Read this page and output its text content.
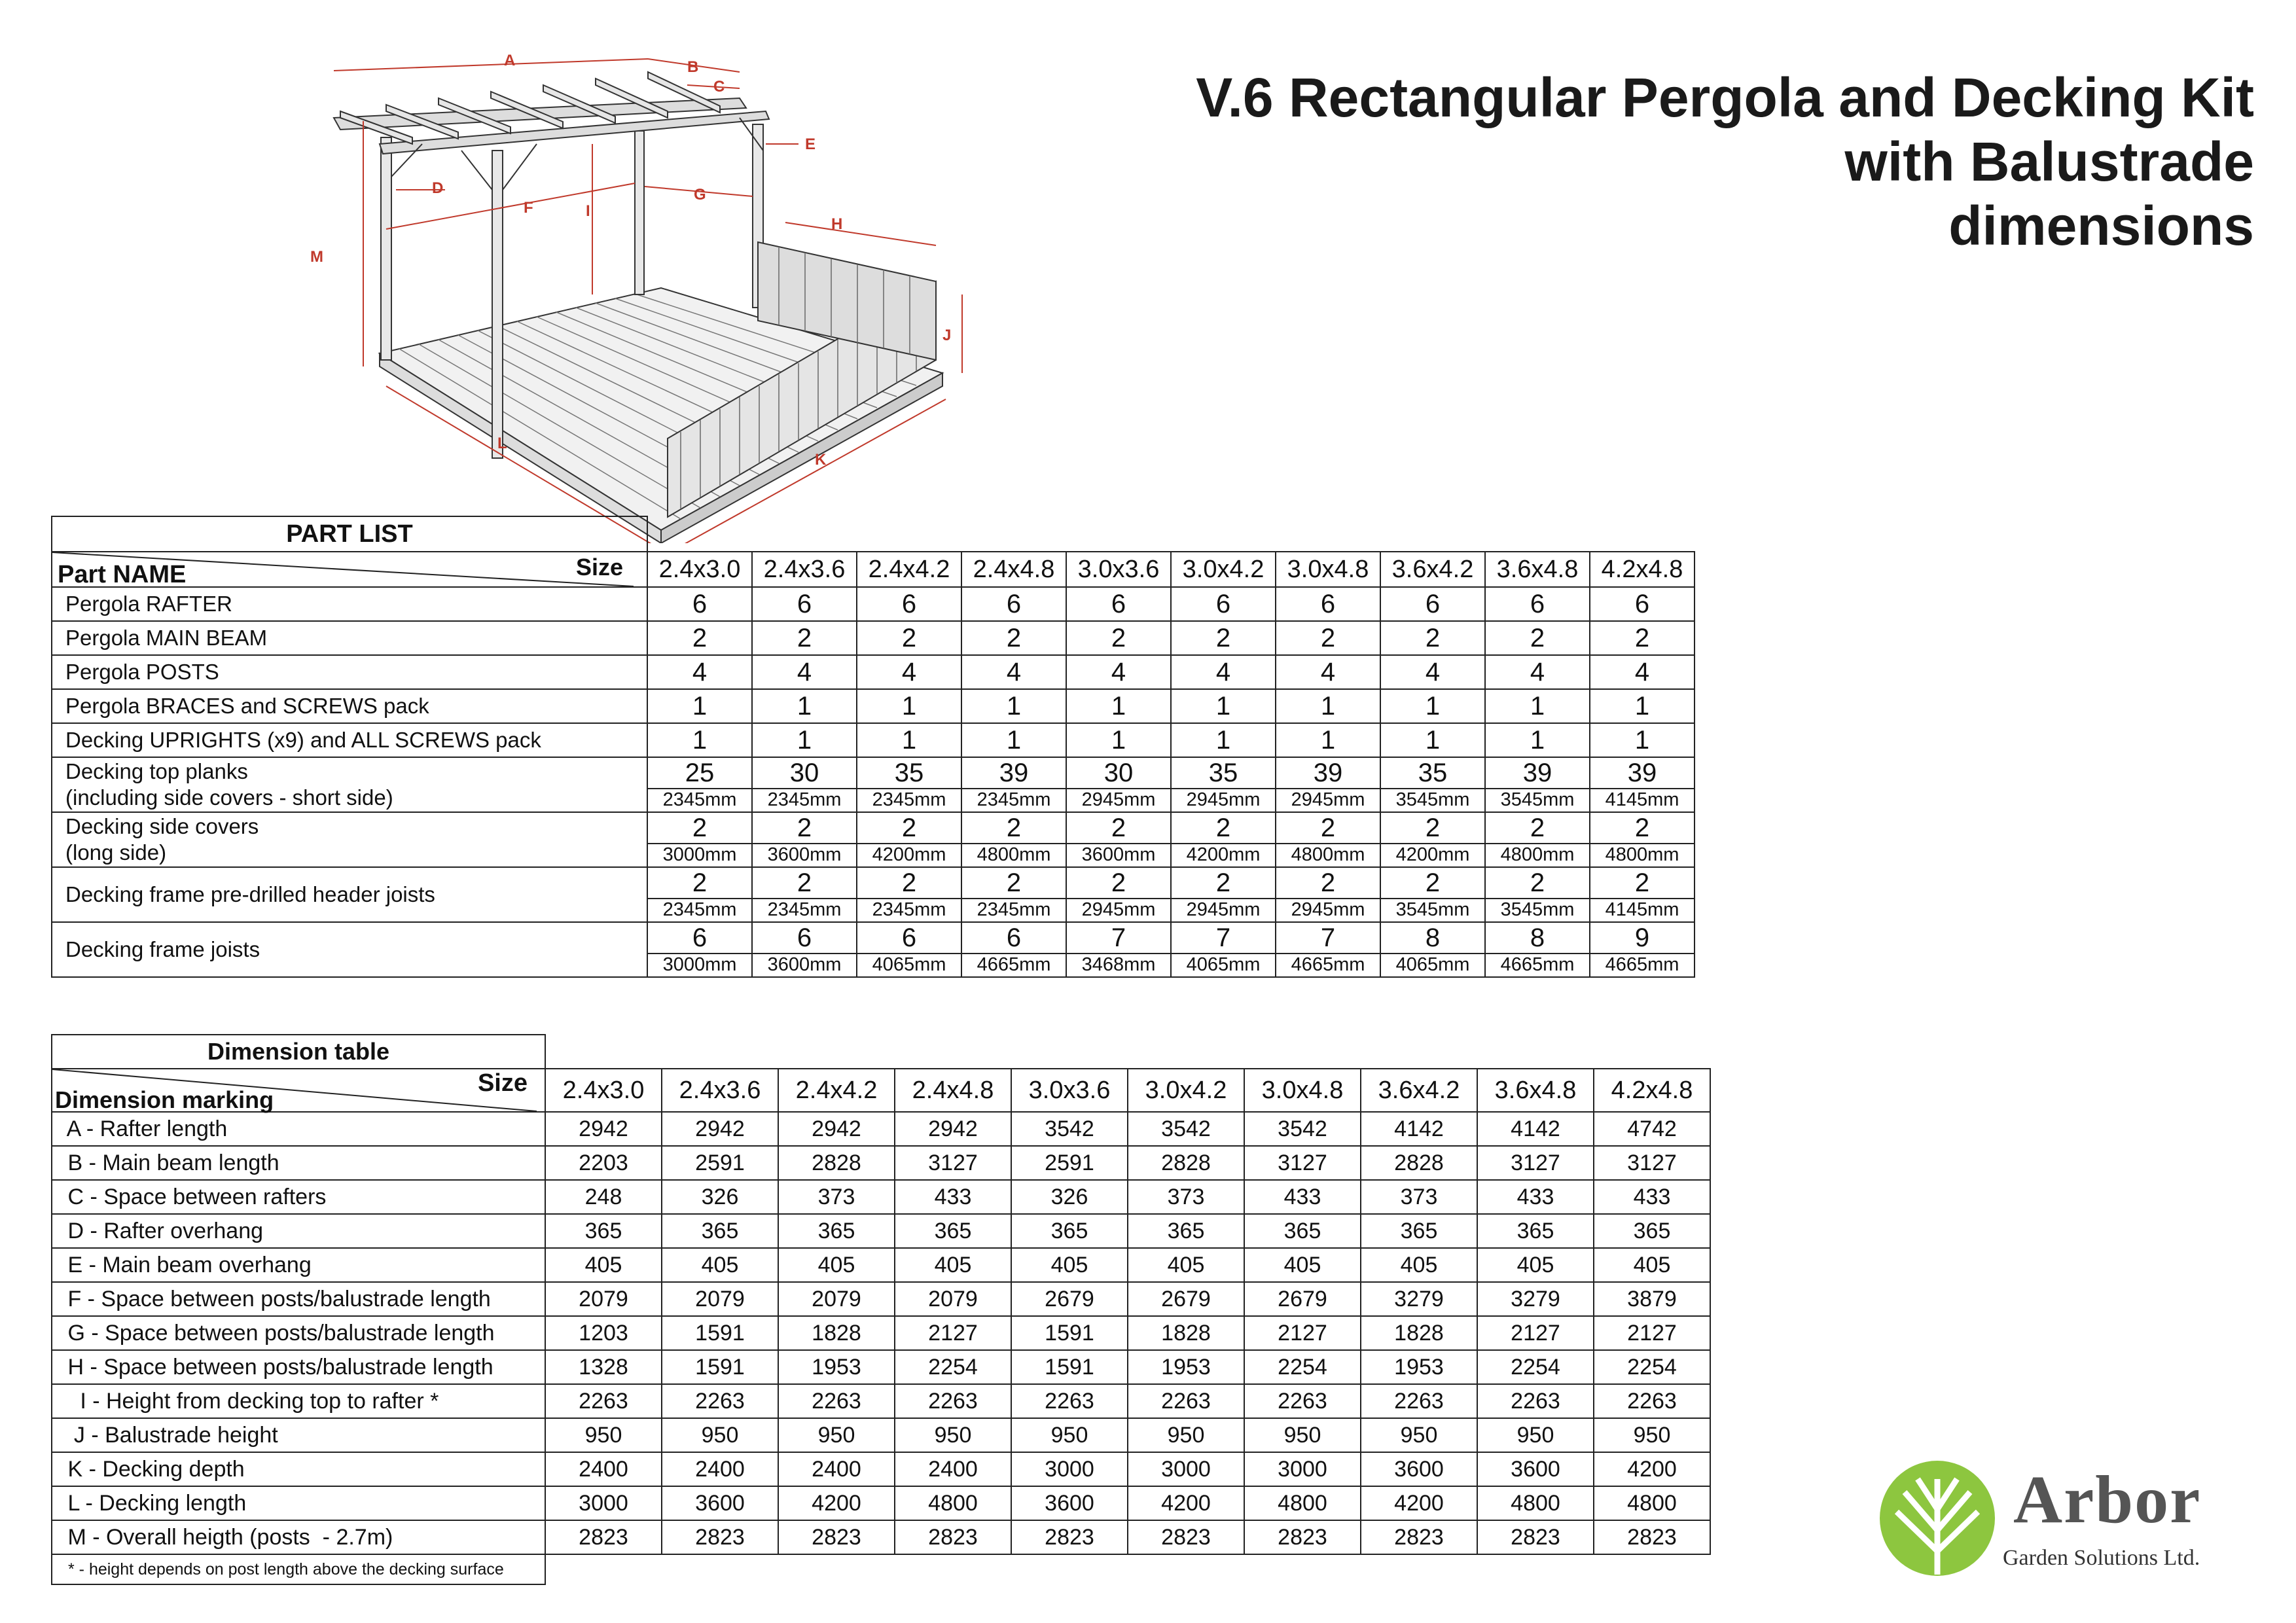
V.6 Rectangular Pergola and Decking Kit
with Balustrade
dimensions
A	B
C
D
E
F
G
H
I
J
K
L
M
PART LIST										

Size
Part NAME	2.4x3.0	2.4x3.6	2.4x4.2	2.4x4.8	3.0x3.6	3.0x4.2	3.0x4.8	3.6x4.2	3.6x4.8	4.2x4.8
Pergola RAFTER	6	6	6	6	6	6	6	6	6	6
Pergola MAIN BEAM	2	2	2	2	2	2	2	2	2	2
Pergola POSTS	4	4	4	4	4	4	4	4	4	4
Pergola BRACES and SCREWS pack	1	1	1	1	1	1	1	1	1	1
Decking UPRIGHTS (x9) and ALL SCREWS pack	1	1	1	1	1	1	1	1	1	1

Decking top planks
(including side covers - short side)	25	30	35	39	30	35	39	35	39	39
	2345mm	2345mm	2345mm	2345mm	2945mm	2945mm	2945mm	3545mm	3545mm	4145mm

Decking side covers
(long side)	2	2	2	2	2	2	2	2	2	2
	3000mm	3600mm	4200mm	4800mm	3600mm	4200mm	4800mm	4200mm	4800mm	4800mm

Decking frame pre-drilled header joists	2	2	2	2	2	2	2	2	2	2
	2345mm	2345mm	2345mm	2345mm	2945mm	2945mm	2945mm	3545mm	3545mm	4145mm

Decking frame joists	6	6	6	6	7	7	7	8	8	9
	3000mm	3600mm	4065mm	4665mm	3468mm	4065mm	4665mm	4065mm	4665mm	4665mm
Dimension table										

Size
Dimension marking	2.4x3.0	2.4x3.6	2.4x4.2	2.4x4.8	3.0x3.6	3.0x4.2	3.0x4.8	3.6x4.2	3.6x4.8	4.2x4.8
A - Rafter length	2942	2942	2942	2942	3542	3542	3542	4142	4142	4742
B - Main beam length	2203	2591	2828	3127	2591	2828	3127	2828	3127	3127
C - Space between rafters	248	326	373	433	326	373	433	373	433	433
D - Rafter overhang	365	365	365	365	365	365	365	365	365	365
E - Main beam overhang	405	405	405	405	405	405	405	405	405	405
F - Space between posts/balustrade length	2079	2079	2079	2079	2679	2679	2679	3279	3279	3879
G - Space between posts/balustrade length	1203	1591	1828	2127	1591	1828	2127	1828	2127	2127
H - Space between posts/balustrade length	1328	1591	1953	2254	1591	1953	2254	1953	2254	2254
I - Height from decking top to rafter *	2263	2263	2263	2263	2263	2263	2263	2263	2263	2263
J - Balustrade height	950	950	950	950	950	950	950	950	950	950
K - Decking depth	2400	2400	2400	2400	3000	3000	3000	3600	3600	4200
L - Decking length	3000	3600	4200	4800	3600	4200	4800	4200	4800	4800
M - Overall heigth (posts  - 2.7m)	2823	2823	2823	2823	2823	2823	2823	2823	2823	2823
* - height depends on post length above the decking surface										
Arbor
Garden Solutions Ltd.
